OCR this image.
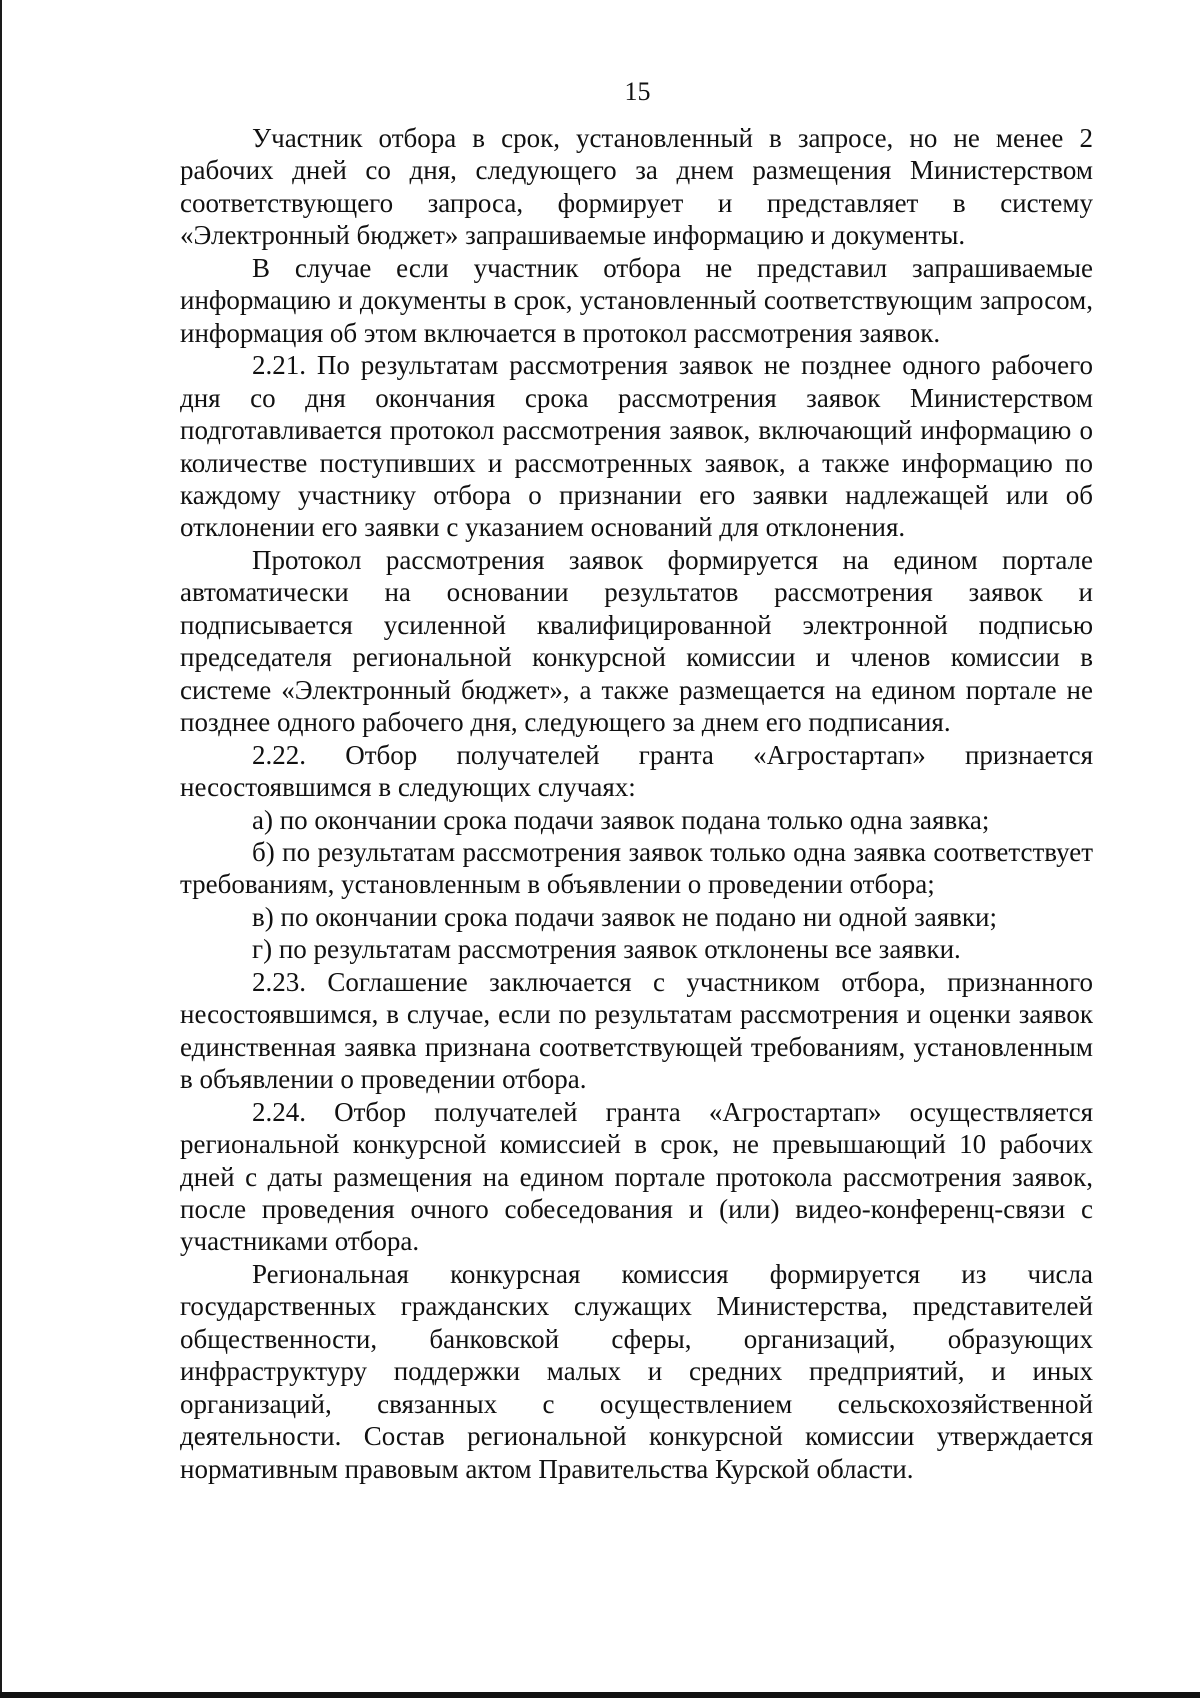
15

Участник отбора в срок, установленный в запросе, но не менее 2 рабочих дней со дня, следующего за днем размещения Министерством соответствующего запроса, формирует и представляет в систему «Электронный бюджет» запрашиваемые информацию и документы.

В случае если участник отбора не представил запрашиваемые информацию и документы в срок, установленный соответствующим запросом, информация об этом включается в протокол рассмотрения заявок.

2.21. По результатам рассмотрения заявок не позднее одного рабочего дня со дня окончания срока рассмотрения заявок Министерством подготавливается протокол рассмотрения заявок, включающий информацию о количестве поступивших и рассмотренных заявок, а также информацию по каждому участнику отбора о признании его заявки надлежащей или об отклонении его заявки с указанием оснований для отклонения.

Протокол рассмотрения заявок формируется на едином портале автоматически на основании результатов рассмотрения заявок и подписывается усиленной квалифицированной электронной подписью председателя региональной конкурсной комиссии и членов комиссии в системе «Электронный бюджет», а также размещается на едином портале не позднее одного рабочего дня, следующего за днем его подписания.

2.22. Отбор получателей гранта «Агростартап» признается несостоявшимся в следующих случаях:

а) по окончании срока подачи заявок подана только одна заявка;

б) по результатам рассмотрения заявок только одна заявка соответствует требованиям, установленным в объявлении о проведении отбора;

в) по окончании срока подачи заявок не подано ни одной заявки;

г) по результатам рассмотрения заявок отклонены все заявки.

2.23. Соглашение заключается с участником отбора, признанного несостоявшимся, в случае, если по результатам рассмотрения и оценки заявок единственная заявка признана соответствующей требованиям, установленным в объявлении о проведении отбора.

2.24. Отбор получателей гранта «Агростартап» осуществляется региональной конкурсной комиссией в срок, не превышающий 10 рабочих дней с даты размещения на едином портале протокола рассмотрения заявок, после проведения очного собеседования и (или) видео-конференц-связи с участниками отбора.

Региональная конкурсная комиссия формируется из числа государственных гражданских служащих Министерства, представителей общественности, банковской сферы, организаций, образующих инфраструктуру поддержки малых и средних предприятий, и иных организаций, связанных с осуществлением сельскохозяйственной деятельности. Состав региональной конкурсной комиссии утверждается нормативным правовым актом Правительства Курской области.
